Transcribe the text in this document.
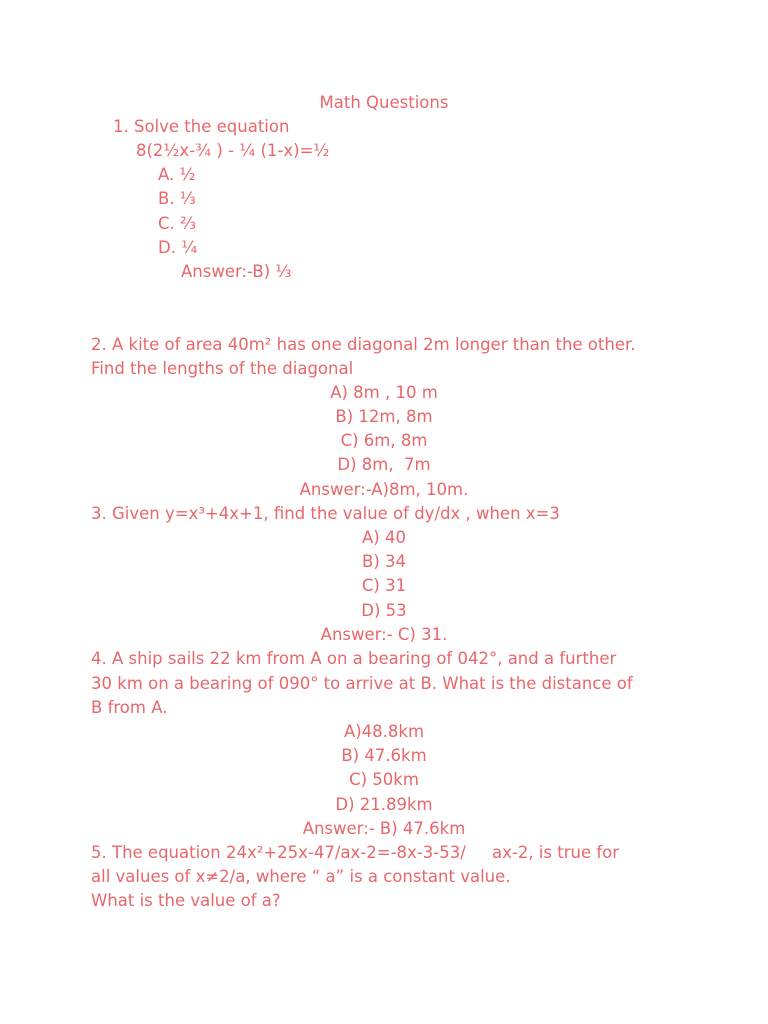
Math Questions
1. Solve the equation
8(2½x-¾ ) - ¼ (1-x)=½
A. ½
B. ⅓
C. ⅔
D. ¼
Answer:-B) ⅓
2. A kite of area 40m² has one diagonal 2m longer than the other.
Find the lengths of the diagonal
A) 8m , 10 m
B) 12m, 8m
C) 6m, 8m
D) 8m,  7m
Answer:-A)8m, 10m.
3. Given y=x³+4x+1, find the value of dy/dx , when x=3
A) 40
B) 34
C) 31
D) 53
Answer:- C) 31.
4. A ship sails 22 km from A on a bearing of 042°, and a further
30 km on a bearing of 090° to arrive at B. What is the distance of
B from A.
A)48.8km
B) 47.6km
C) 50km
D) 21.89km
Answer:- B) 47.6km
5. The equation 24x²+25x-47/ax-2=-8x-3-53/     ax-2, is true for
all values of x≠2/a, where “ a” is a constant value.
What is the value of a?
